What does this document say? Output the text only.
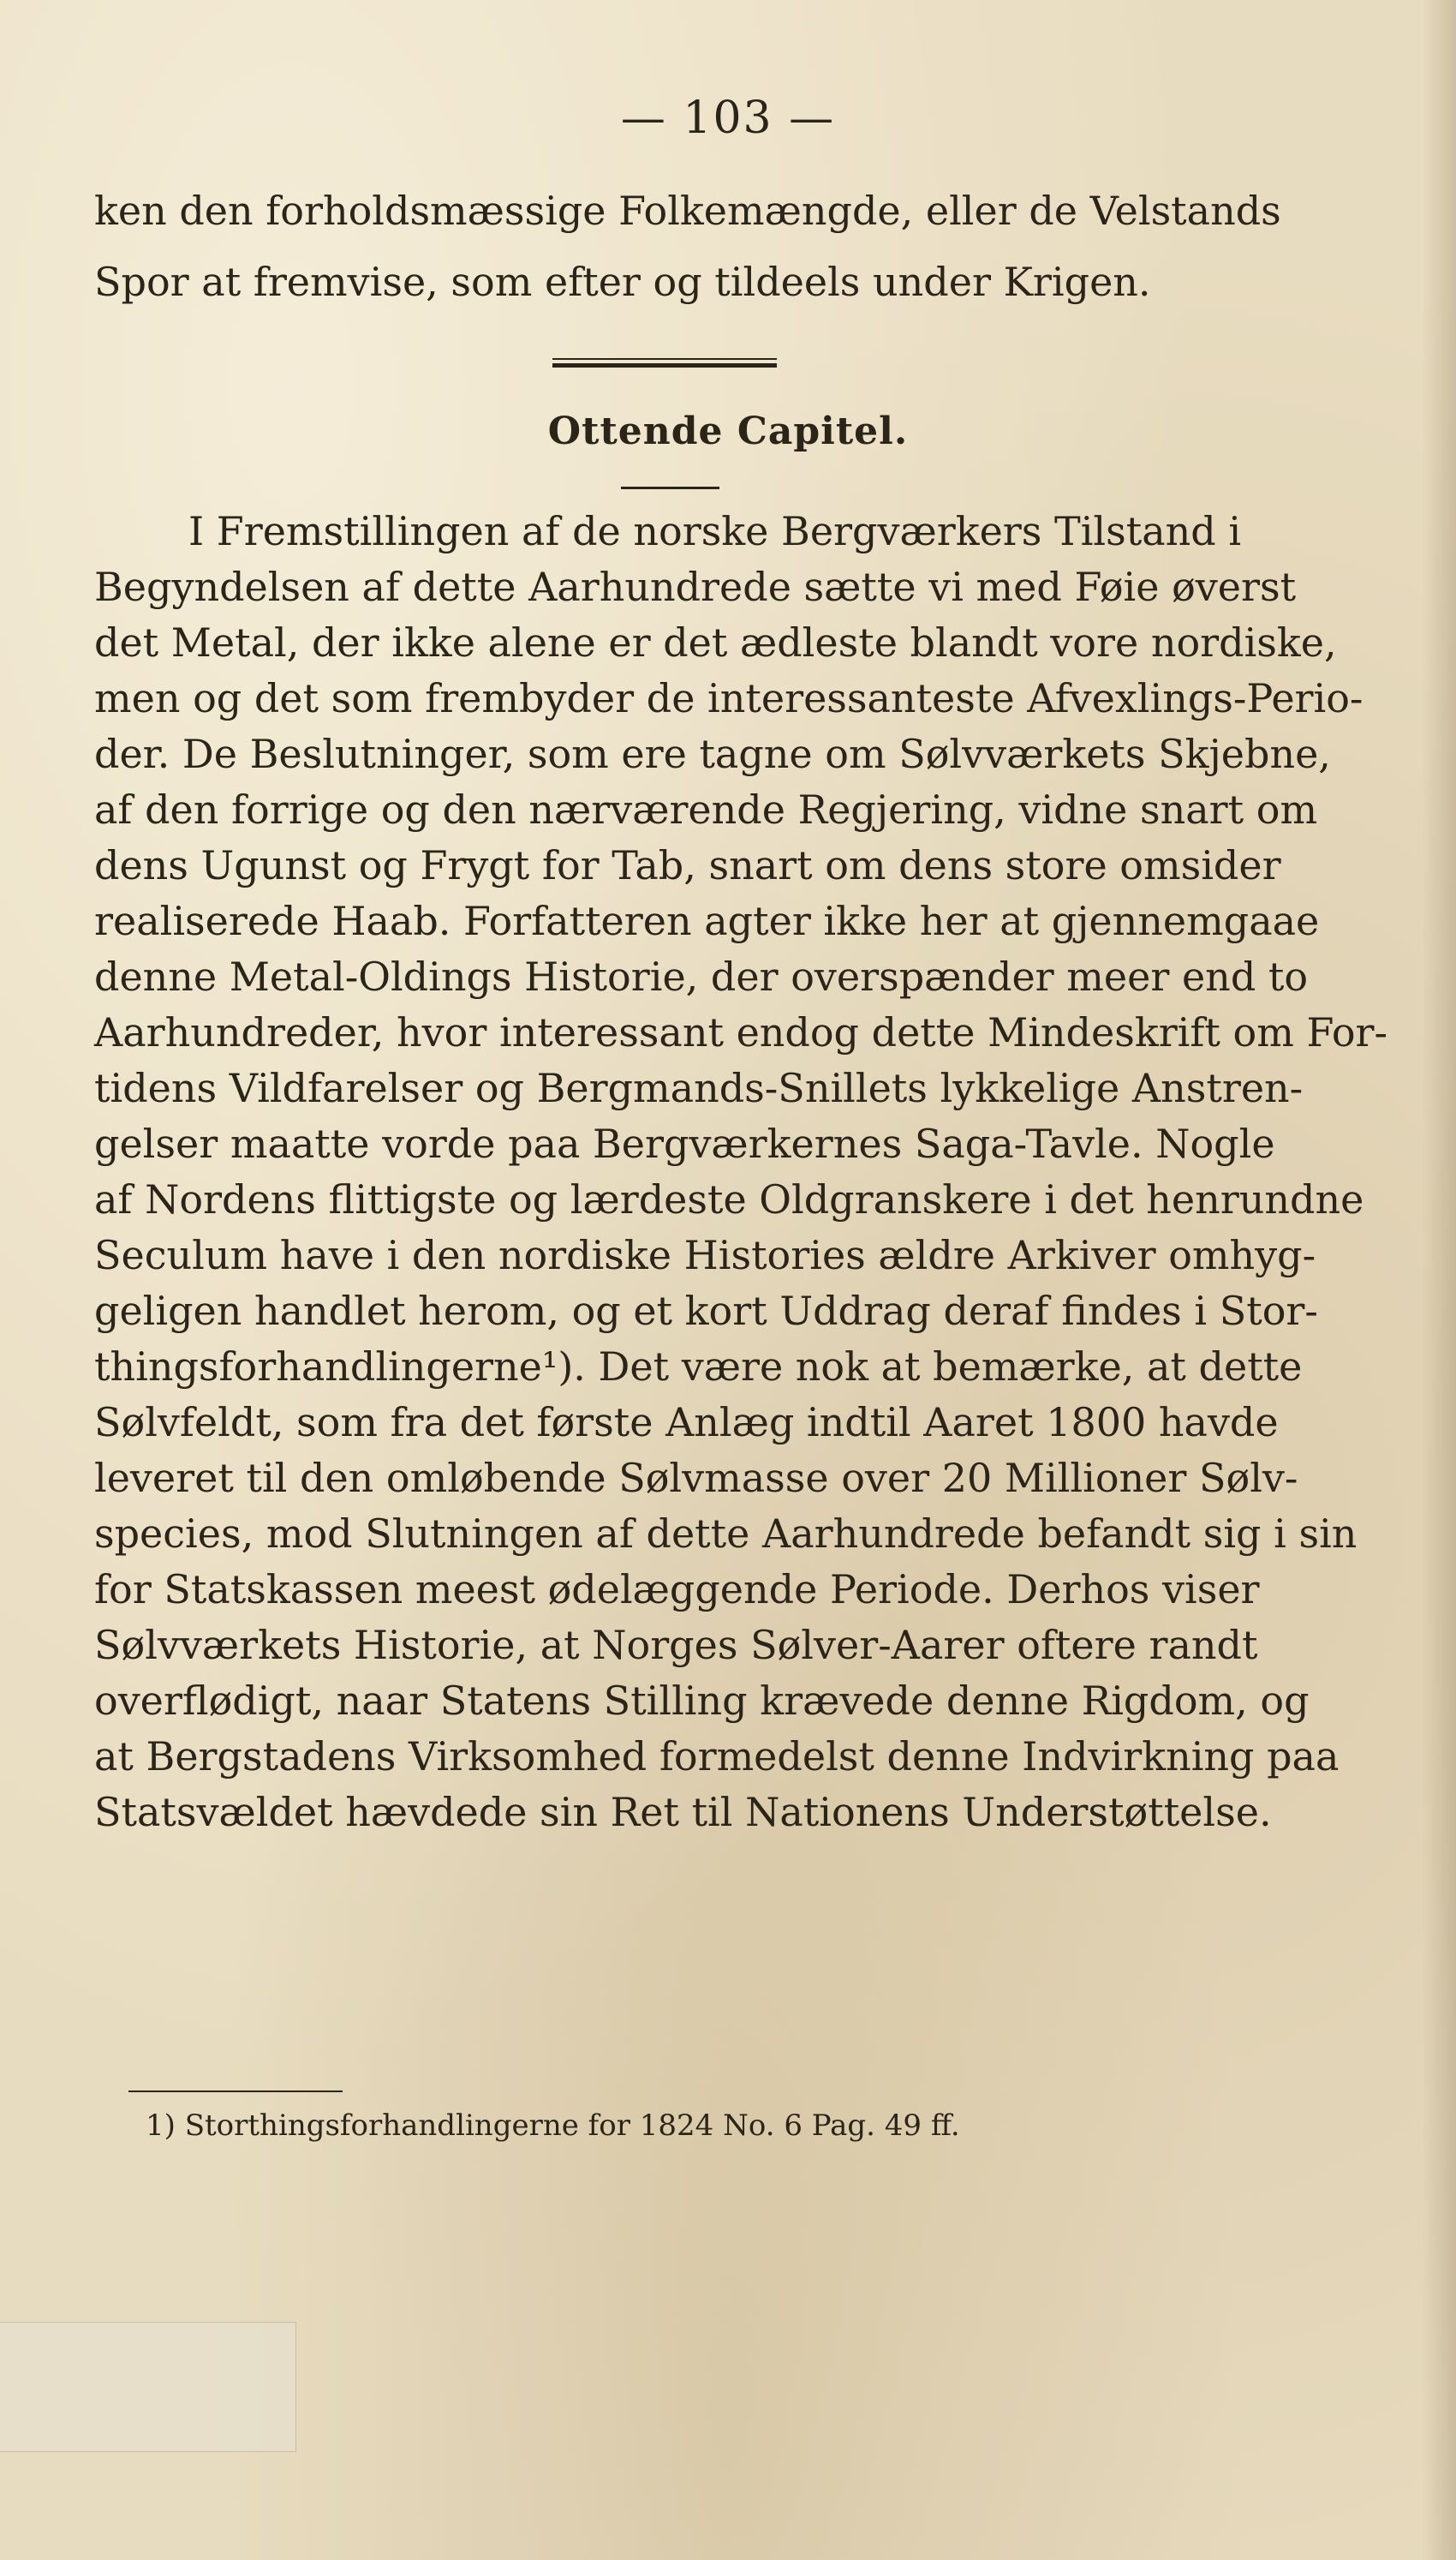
— 103 —
ken den forholdsmæssige Folkemængde, eller de Velstands
Spor at fremvise, som efter og tildeels under Krigen.
Ottende Capitel.
I Fremstillingen af de norske Bergværkers Tilstand i
Begyndelsen af dette Aarhundrede sætte vi med Føie øverst
det Metal, der ikke alene er det ædleste blandt vore nordiske,
men og det som frembyder de interessanteste Afvexlings-Perio-
der. De Beslutninger, som ere tagne om Sølvværkets Skjebne,
af den forrige og den nærværende Regjering, vidne snart om
dens Ugunst og Frygt for Tab, snart om dens store omsider
realiserede Haab. Forfatteren agter ikke her at gjennemgaae
denne Metal-Oldings Historie, der overspænder meer end to
Aarhundreder, hvor interessant endog dette Mindeskrift om For-
tidens Vildfarelser og Bergmands-Snillets lykkelige Anstren-
gelser maatte vorde paa Bergværkernes Saga-Tavle. Nogle
af Nordens flittigste og lærdeste Oldgranskere i det henrundne
Seculum have i den nordiske Histories ældre Arkiver omhyg-
geligen handlet herom, og et kort Uddrag deraf findes i Stor-
thingsforhandlingerne¹). Det være nok at bemærke, at dette
Sølvfeldt, som fra det første Anlæg indtil Aaret 1800 havde
leveret til den omløbende Sølvmasse over 20 Millioner Sølv-
species, mod Slutningen af dette Aarhundrede befandt sig i sin
for Statskassen meest ødelæggende Periode. Derhos viser
Sølvværkets Historie, at Norges Sølver-Aarer oftere randt
overflødigt, naar Statens Stilling krævede denne Rigdom, og
at Bergstadens Virksomhed formedelst denne Indvirkning paa
Statsvældet hævdede sin Ret til Nationens Understøttelse.
1) Storthingsforhandlingerne for 1824 No. 6 Pag. 49 ff.
